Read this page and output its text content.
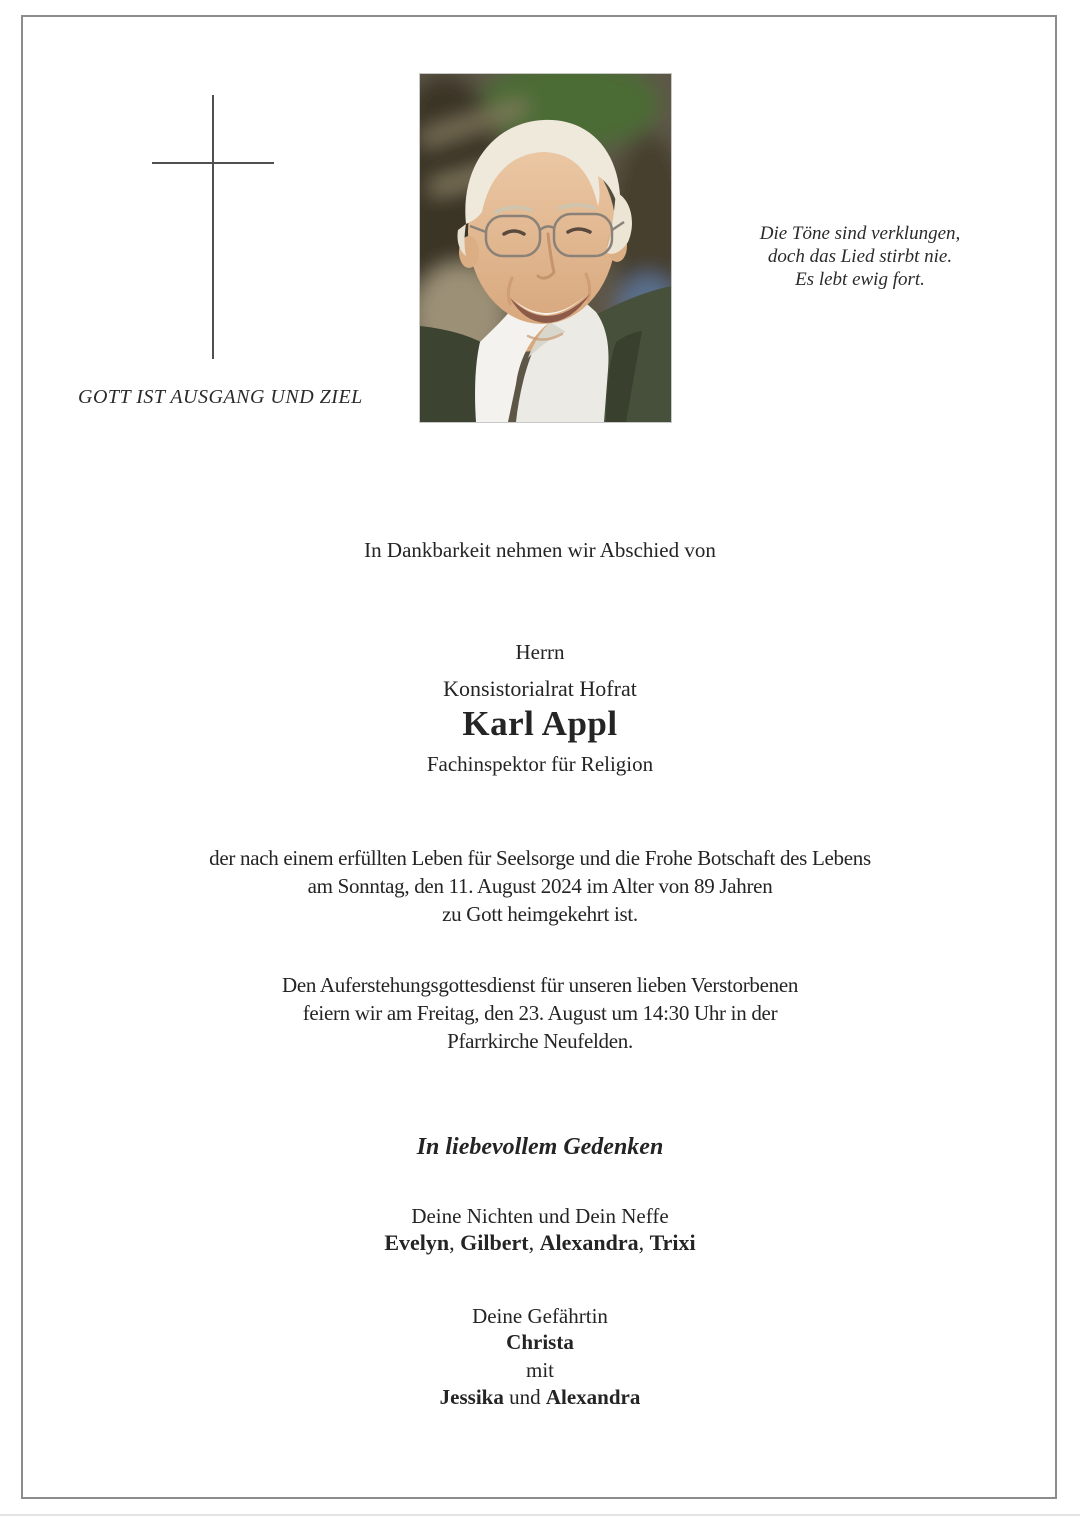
Die Töne sind verklungen,
doch das Lied stirbt nie.
Es lebt ewig fort.
GOTT IST AUSGANG UND ZIEL
In Dankbarkeit nehmen wir Abschied von
Herrn
Konsistorialrat Hofrat
Karl Appl
Fachinspektor für Religion
der nach einem erfüllten Leben für Seelsorge und die Frohe Botschaft des Lebens
am Sonntag, den 11. August 2024 im Alter von 89 Jahren
zu Gott heimgekehrt ist.
Den Auferstehungsgottesdienst für unseren lieben Verstorbenen
feiern wir am Freitag, den 23. August um 14:30 Uhr in der
Pfarrkirche Neufelden.
In liebevollem Gedenken
Deine Nichten und Dein Neffe
Evelyn, Gilbert, Alexandra, Trixi
Deine Gefährtin
Christa
mit
Jessika und Alexandra
